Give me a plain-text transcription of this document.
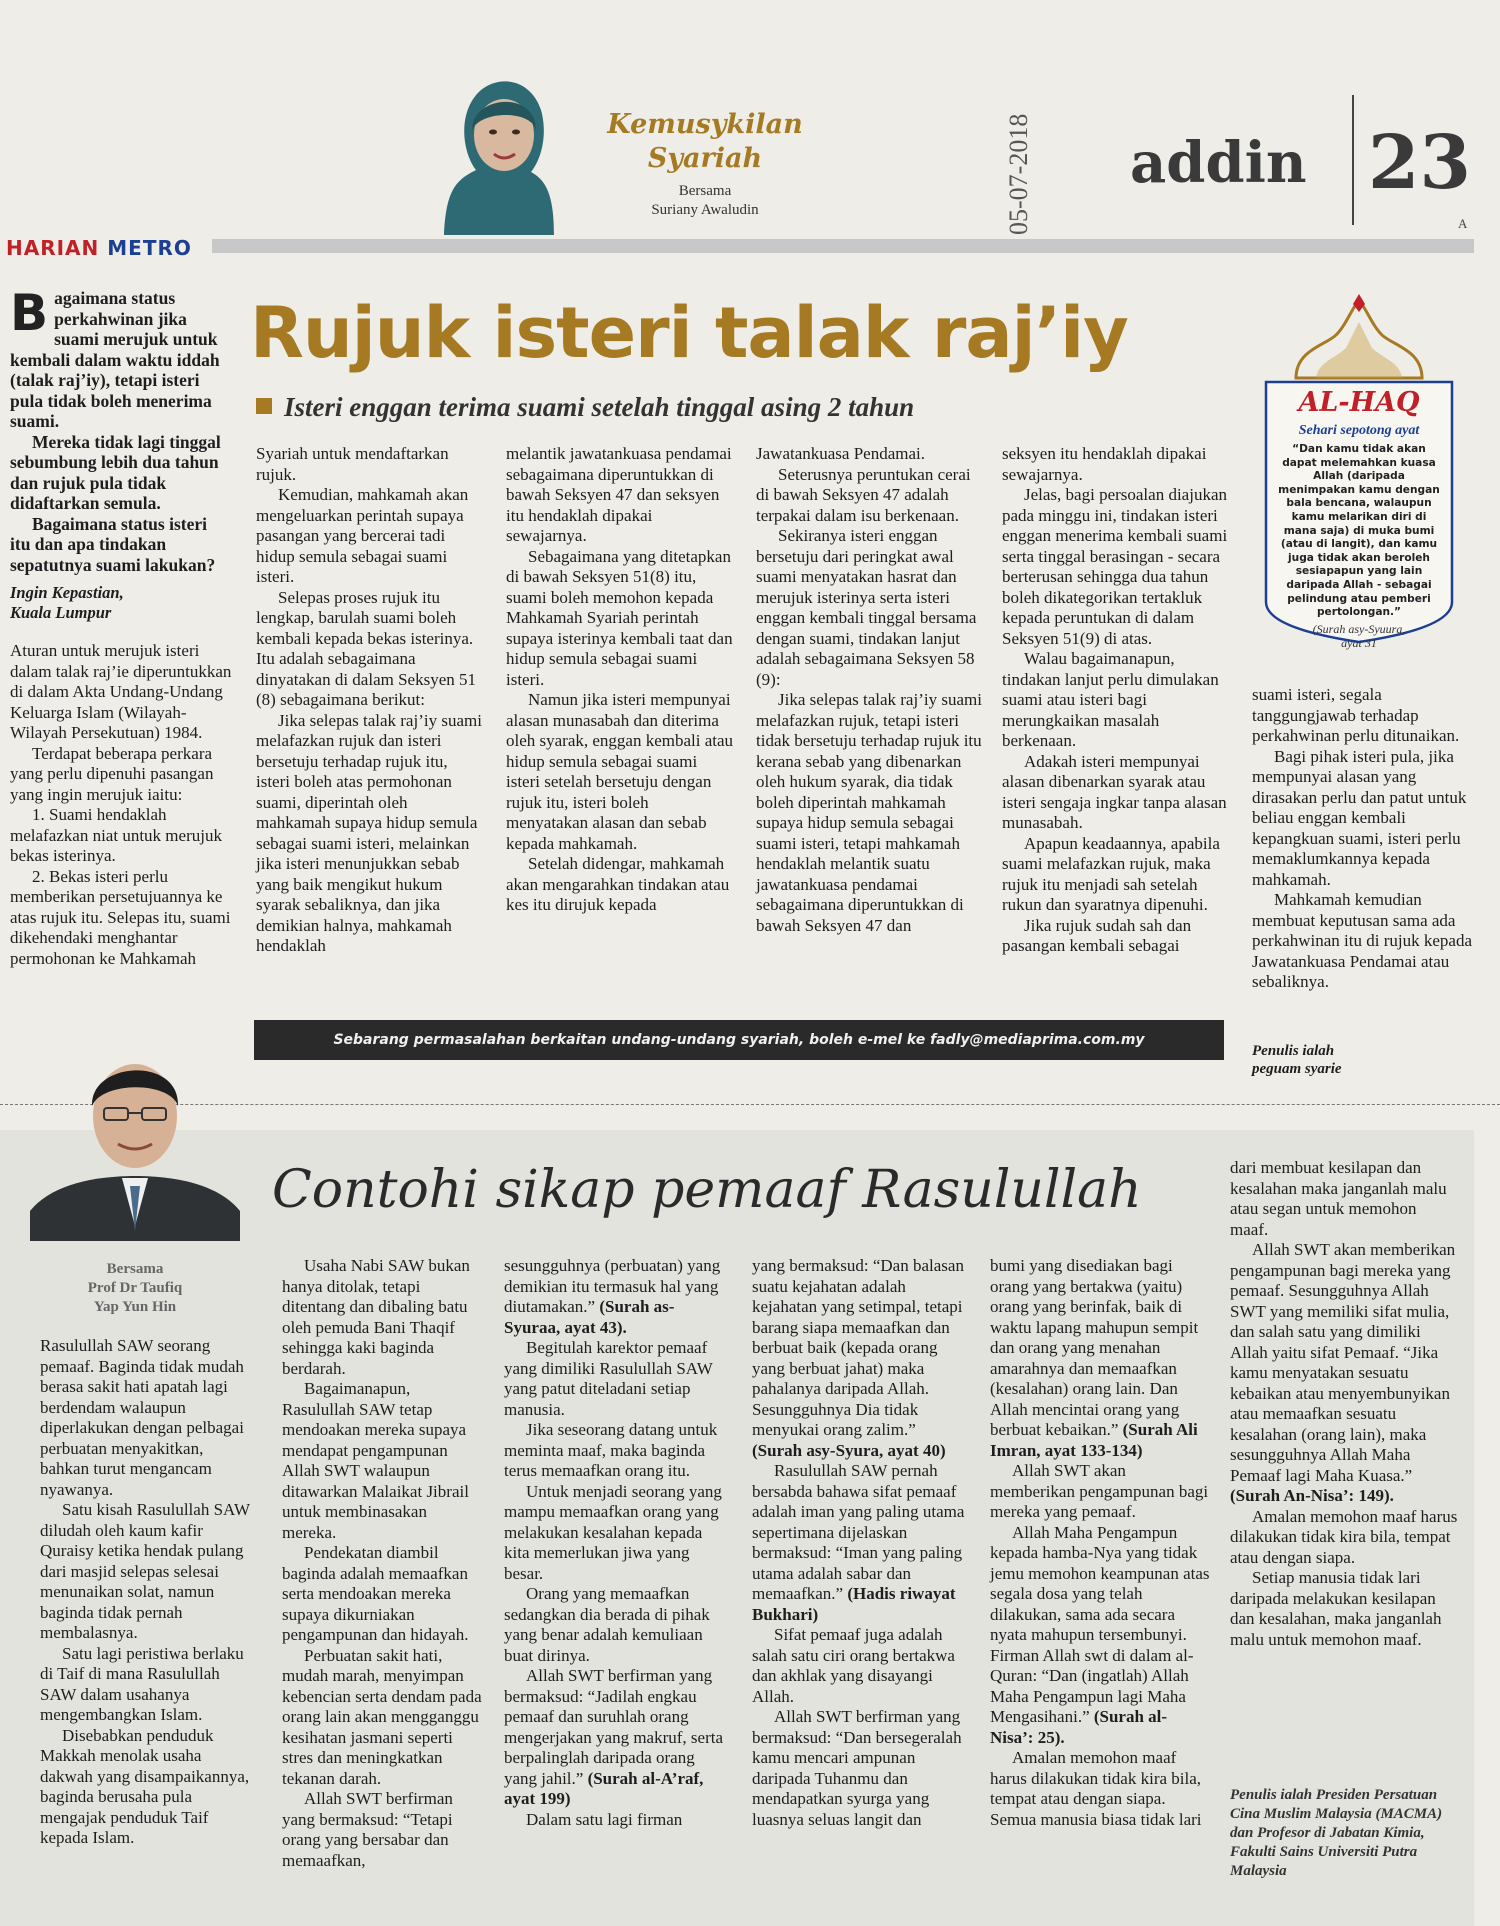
Kemusykilan
Syariah
Bersama
Suriany Awaludin	05-07-2018 addin 23
A
HARIAN METRO
Rujuk isteri talak raj’iy
Isteri enggan terima suami setelah tinggal asing 2 tahun
B agaimana status perkahwinan jika suami merujuk untuk kembali dalam waktu iddah (talak raj’iy), tetapi isteri pula tidak boleh menerima suami.

Mereka tidak lagi tinggal sebumbung lebih dua tahun dan rujuk pula tidak didaftarkan semula.

Bagaimana status isteri itu dan apa tindakan sepatutnya suami lakukan?

Ingin Kepastian,
Kuala Lumpur

Aturan untuk merujuk isteri dalam talak raj’ie diperuntukkan di dalam Akta Undang-Undang Keluarga Islam (Wilayah-Wilayah Persekutuan) 1984.

Terdapat beberapa perkara yang perlu dipenuhi pasangan yang ingin merujuk iaitu:

1. Suami hendaklah melafazkan niat untuk merujuk bekas isterinya.

2. Bekas isteri perlu memberikan persetujuannya ke atas rujuk itu. Selepas itu, suami dikehendaki menghantar permohonan ke Mahkamah

Syariah untuk mendaftarkan rujuk.

Kemudian, mahkamah akan mengeluarkan perintah supaya pasangan yang bercerai tadi hidup semula sebagai suami isteri.

Selepas proses rujuk itu lengkap, barulah suami boleh kembali kepada bekas isterinya. Itu adalah sebagaimana dinyatakan di dalam Seksyen 51 (8) sebagaimana berikut:

Jika selepas talak raj’iy suami melafazkan rujuk dan isteri bersetuju terhadap rujuk itu, isteri boleh atas permohonan suami, diperintah oleh mahkamah supaya hidup semula sebagai suami isteri, melainkan jika isteri menunjukkan sebab yang baik mengikut hukum syarak sebaliknya, dan jika demikian halnya, mahkamah hendaklah

melantik jawatankuasa pendamai sebagaimana diperuntukkan di bawah Seksyen 47 dan seksyen itu hendaklah dipakai sewajarnya.

Sebagaimana yang ditetapkan di bawah Seksyen 51(8) itu, suami boleh memohon kepada Mahkamah Syariah perintah supaya isterinya kembali taat dan hidup semula sebagai suami isteri.

Namun jika isteri mempunyai alasan munasabah dan diterima oleh syarak, enggan kembali atau hidup semula sebagai suami isteri setelah bersetuju dengan rujuk itu, isteri boleh menyatakan alasan dan sebab kepada mahkamah.

Setelah didengar, mahkamah akan mengarahkan tindakan atau kes itu dirujuk kepada

Jawatankuasa Pendamai.

Seterusnya peruntukan cerai di bawah Seksyen 47 adalah terpakai dalam isu berkenaan.

Sekiranya isteri enggan bersetuju dari peringkat awal suami menyatakan hasrat dan merujuk isterinya serta isteri enggan kembali tinggal bersama dengan suami, tindakan lanjut adalah sebagaimana Seksyen 58 (9):

Jika selepas talak raj’iy suami melafazkan rujuk, tetapi isteri tidak bersetuju terhadap rujuk itu kerana sebab yang dibenarkan oleh hukum syarak, dia tidak boleh diperintah mahkamah supaya hidup semula sebagai suami isteri, tetapi mahkamah hendaklah melantik suatu jawatankuasa pendamai sebagaimana diperuntukkan di bawah Seksyen 47 dan

seksyen itu hendaklah dipakai sewajarnya.

Jelas, bagi persoalan diajukan pada minggu ini, tindakan isteri enggan menerima kembali suami serta tinggal berasingan - secara berterusan sehingga dua tahun boleh dikategorikan tertakluk kepada peruntukan di dalam Seksyen 51(9) di atas.

Walau bagaimanapun, tindakan lanjut perlu dimulakan suami atau isteri bagi merungkaikan masalah berkenaan.

Adakah isteri mempunyai alasan dibenarkan syarak atau isteri sengaja ingkar tanpa alasan munasabah.

Apapun keadaannya, apabila suami melafazkan rujuk, maka rujuk itu menjadi sah setelah rukun dan syaratnya dipenuhi.

Jika rujuk sudah sah dan pasangan kembali sebagai

suami isteri, segala tanggungjawab terhadap perkahwinan perlu ditunaikan.

Bagi pihak isteri pula, jika mempunyai alasan yang dirasakan perlu dan patut untuk beliau enggan kembali kepangkuan suami, isteri perlu memaklumkannya kepada mahkamah.

Mahkamah kemudian membuat keputusan sama ada perkahwinan itu di rujuk kepada Jawatankuasa Pendamai atau sebaliknya.

Sebarang permasalahan berkaitan undang-undang syariah, boleh e-mel ke fadly@mediaprima.com.my
Penulis ialah
peguam syarie
AL-HAQ
Sehari sepotong ayat
“Dan kamu tidak akan dapat melemahkan kuasa Allah (daripada menimpakan kamu dengan bala bencana, walaupun kamu melarikan diri di mana saja) di muka bumi (atau di langit), dan kamu juga tidak akan beroleh sesiapapun yang lain daripada Allah - sebagai pelindung atau pemberi pertolongan.”
(Surah asy-Syuura,
ayat 31
Contohi sikap pemaaf Rasulullah
Bersama
Prof Dr Taufiq
Yap Yun Hin

Rasulullah SAW seorang pemaaf. Baginda tidak mudah berasa sakit hati apatah lagi berdendam walaupun diperlakukan dengan pelbagai perbuatan menyakitkan, bahkan turut mengancam nyawanya.

Satu kisah Rasulullah SAW diludah oleh kaum kafir Quraisy ketika hendak pulang dari masjid selepas selesai menunaikan solat, namun baginda tidak pernah membalasnya.

Satu lagi peristiwa berlaku di Taif di mana Rasulullah SAW dalam usahanya mengembangkan Islam.

Disebabkan penduduk Makkah menolak usaha dakwah yang disampaikannya, baginda berusaha pula mengajak penduduk Taif kepada Islam.

Usaha Nabi SAW bukan hanya ditolak, tetapi ditentang dan dibaling batu oleh pemuda Bani Thaqif sehingga kaki baginda berdarah.

Bagaimanapun, Rasulullah SAW tetap mendoakan mereka supaya mendapat pengampunan Allah SWT walaupun ditawarkan Malaikat Jibrail untuk membinasakan mereka.

Pendekatan diambil baginda adalah memaafkan serta mendoakan mereka supaya dikurniakan pengampunan dan hidayah.

Perbuatan sakit hati, mudah marah, menyimpan kebencian serta dendam pada orang lain akan mengganggu kesihatan jasmani seperti stres dan meningkatkan tekanan darah.

Allah SWT berfirman yang bermaksud: “Tetapi orang yang bersabar dan memaafkan,

sesungguhnya (perbuatan) yang demikian itu termasuk hal yang diutamakan.” (Surah as-Syuraa, ayat 43).

Begitulah karektor pemaaf yang dimiliki Rasulullah SAW yang patut diteladani setiap manusia.

Jika seseorang datang untuk meminta maaf, maka baginda terus memaafkan orang itu.

Untuk menjadi seorang yang mampu memaafkan orang yang melakukan kesalahan kepada kita memerlukan jiwa yang besar.

Orang yang memaafkan sedangkan dia berada di pihak yang benar adalah kemuliaan buat dirinya.

Allah SWT berfirman yang bermaksud: “Jadilah engkau pemaaf dan suruhlah orang mengerjakan yang makruf, serta berpalinglah daripada orang yang jahil.” (Surah al-A’raf, ayat 199)

Dalam satu lagi firman

yang bermaksud: “Dan balasan suatu kejahatan adalah kejahatan yang setimpal, tetapi barang siapa memaafkan dan berbuat baik (kepada orang yang berbuat jahat) maka pahalanya daripada Allah. Sesungguhnya Dia tidak menyukai orang zalim.” (Surah asy-Syura, ayat 40)

Rasulullah SAW pernah bersabda bahawa sifat pemaaf adalah iman yang paling utama sepertimana dijelaskan bermaksud: “Iman yang paling utama adalah sabar dan memaafkan.” (Hadis riwayat Bukhari)

Sifat pemaaf juga adalah salah satu ciri orang bertakwa dan akhlak yang disayangi Allah.

Allah SWT berfirman yang bermaksud: “Dan bersegeralah kamu mencari ampunan daripada Tuhanmu dan mendapatkan syurga yang luasnya seluas langit dan

bumi yang disediakan bagi orang yang bertakwa (yaitu) orang yang berinfak, baik di waktu lapang mahupun sempit dan orang yang menahan amarahnya dan memaafkan (kesalahan) orang lain. Dan Allah mencintai orang yang berbuat kebaikan.” (Surah Ali Imran, ayat 133-134)

Allah SWT akan memberikan pengampunan bagi mereka yang pemaaf.

Allah Maha Pengampun kepada hamba-Nya yang tidak jemu memohon keampunan atas segala dosa yang telah dilakukan, sama ada secara nyata mahupun tersembunyi. Firman Allah swt di dalam al-Quran: “Dan (ingatlah) Allah Maha Pengampun lagi Maha Mengasihani.” (Surah al-Nisa’: 25).

Amalan memohon maaf harus dilakukan tidak kira bila, tempat atau dengan siapa. Semua manusia biasa tidak lari

dari membuat kesilapan dan kesalahan maka janganlah malu atau segan untuk memohon maaf.

Allah SWT akan memberikan pengampunan bagi mereka yang pemaaf. Sesungguhnya Allah SWT yang memiliki sifat mulia, dan salah satu yang dimiliki Allah yaitu sifat Pemaaf. “Jika kamu menyatakan sesuatu kebaikan atau menyembunyikan atau memaafkan sesuatu kesalahan (orang lain), maka sesungguhnya Allah Maha Pemaaf lagi Maha Kuasa.” (Surah An-Nisa’: 149).

Amalan memohon maaf harus dilakukan tidak kira bila, tempat atau dengan siapa.

Setiap manusia tidak lari daripada melakukan kesilapan dan kesalahan, maka janganlah malu untuk memohon maaf.

Penulis ialah Presiden Persatuan Cina Muslim Malaysia (MACMA) dan Profesor di Jabatan Kimia, Fakulti Sains Universiti Putra Malaysia
